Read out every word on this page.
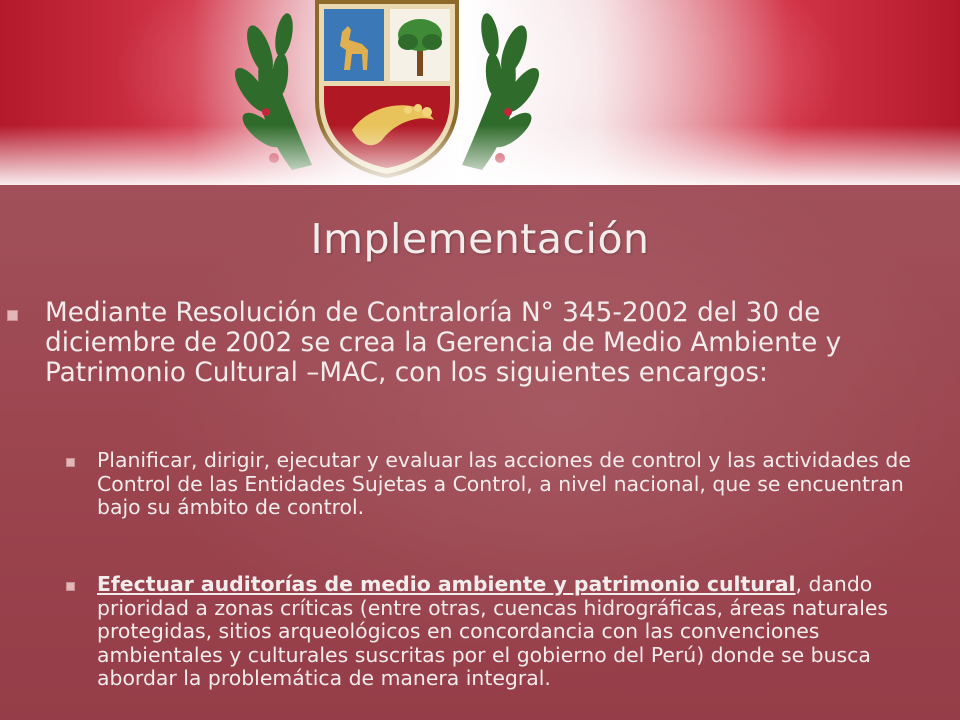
Implementación

Mediante Resolución de Contraloría N° 345-2002 del 30 de diciembre de 2002 se crea la Gerencia de Medio Ambiente y Patrimonio Cultural –MAC, con los siguientes encargos:

Planificar, dirigir, ejecutar y evaluar las acciones de control y las actividades de Control de las Entidades Sujetas a Control, a nivel nacional, que se encuentran bajo su ámbito de control.

Efectuar auditorías de medio ambiente y patrimonio cultural, dando prioridad a zonas críticas (entre otras, cuencas hidrográficas, áreas naturales protegidas, sitios arqueológicos en concordancia con las convenciones ambientales y culturales suscritas por el gobierno del Perú) donde se busca abordar la problemática de manera integral.
